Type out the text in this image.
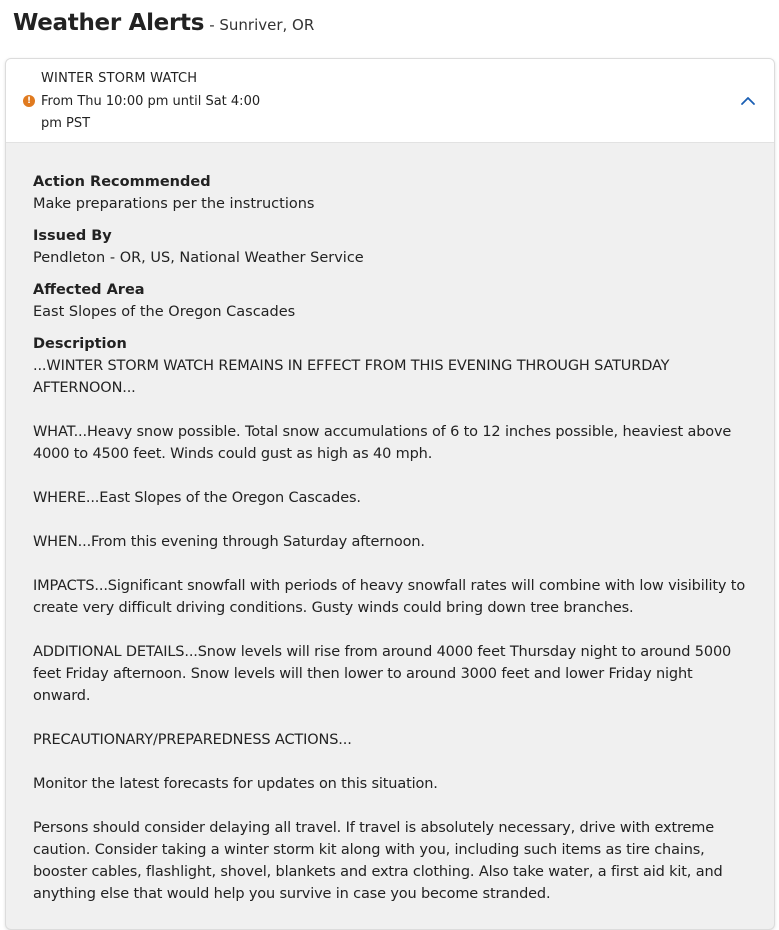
Weather Alerts - Sunriver, OR
WINTER STORM WATCH
! From Thu 10:00 pm until Sat 4:00 pm PST
Action Recommended
Make preparations per the instructions
Issued By
Pendleton - OR, US, National Weather Service
Affected Area
East Slopes of the Oregon Cascades
Description

...WINTER STORM WATCH REMAINS IN EFFECT FROM THIS EVENING THROUGH SATURDAY AFTERNOON...

WHAT...Heavy snow possible. Total snow accumulations of 6 to 12 inches possible, heaviest above 4000 to 4500 feet. Winds could gust as high as 40 mph.

WHERE...East Slopes of the Oregon Cascades.

WHEN...From this evening through Saturday afternoon.

IMPACTS...Significant snowfall with periods of heavy snowfall rates will combine with low visibility to create very difficult driving conditions. Gusty winds could bring down tree branches.

ADDITIONAL DETAILS...Snow levels will rise from around 4000 feet Thursday night to around 5000 feet Friday afternoon. Snow levels will then lower to around 3000 feet and lower Friday night onward.

PRECAUTIONARY/PREPAREDNESS ACTIONS...

Monitor the latest forecasts for updates on this situation.

Persons should consider delaying all travel. If travel is absolutely necessary, drive with extreme caution. Consider taking a winter storm kit along with you, including such items as tire chains, booster cables, flashlight, shovel, blankets and extra clothing. Also take water, a first aid kit, and anything else that would help you survive in case you become stranded.
